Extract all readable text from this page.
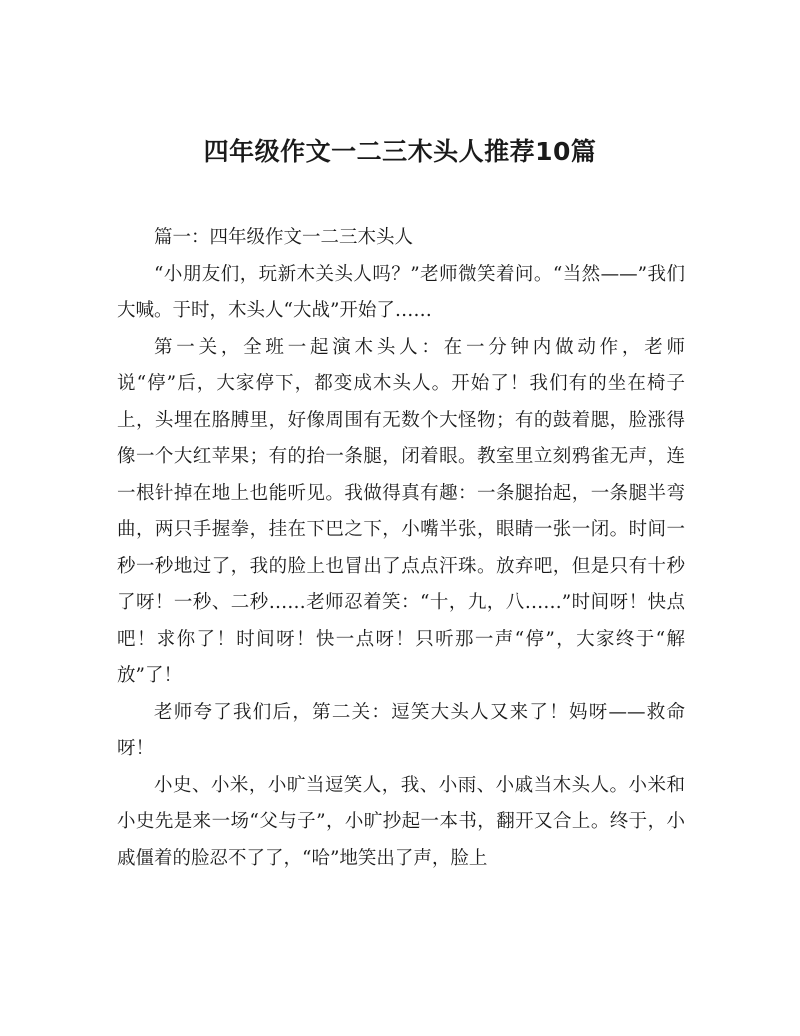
四年级作文一二三木头人推荐10篇

篇一：四年级作文一二三木头人

“小朋友们，玩新木关头人吗？”老师微笑着问。“当然——”我们大喊。于时，木头人“大战”开始了……

第一关，全班一起演木头人：在一分钟内做动作，老师说“停”后，大家停下，都变成木头人。开始了！我们有的坐在椅子上，头埋在胳膊里，好像周围有无数个大怪物；有的鼓着腮，脸涨得像一个大红苹果；有的抬一条腿，闭着眼。教室里立刻鸦雀无声，连一根针掉在地上也能听见。我做得真有趣：一条腿抬起，一条腿半弯曲，两只手握拳，挂在下巴之下，小嘴半张，眼睛一张一闭。时间一秒一秒地过了，我的脸上也冒出了点点汗珠。放弃吧，但是只有十秒了呀！一秒、二秒……老师忍着笑：“十，九，八……”时间呀！快点吧！求你了！时间呀！快一点呀！只听那一声“停”，大家终于“解放”了！

老师夸了我们后，第二关：逗笑大头人又来了！妈呀——救命呀！

小史、小米，小旷当逗笑人，我、小雨、小戚当木头人。小米和小史先是来一场“父与子”，小旷抄起一本书，翻开又合上。终于，小戚僵着的脸忍不了了，“哈”地笑出了声，脸上
